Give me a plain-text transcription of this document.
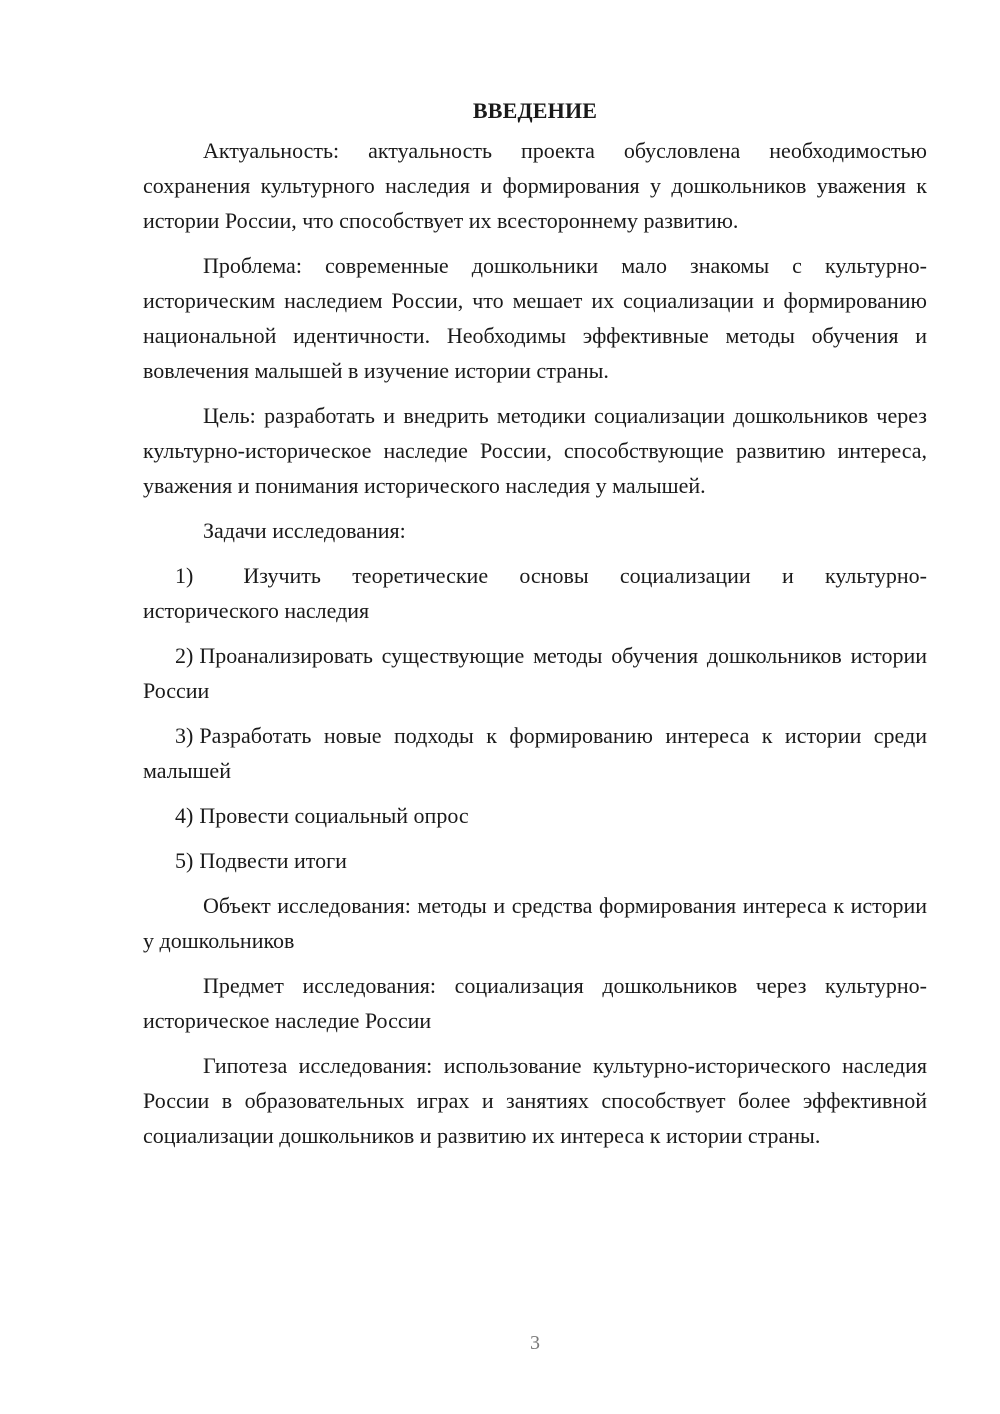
ВВЕДЕНИЕ

Актуальность: актуальность проекта обусловлена необходимостью сохранения культурного наследия и формирования у дошкольников уважения к истории России, что способствует их всестороннему развитию.

Проблема: современные дошкольники мало знакомы с культурно-историческим наследием России, что мешает их социализации и формированию национальной идентичности. Необходимы эффективные методы обучения и вовлечения малышей в изучение истории страны.

Цель: разработать и внедрить методики социализации дошкольников через культурно-историческое наследие России, способствующие развитию интереса, уважения и понимания исторического наследия у малышей.

Задачи исследования:

1) Изучить теоретические основы социализации и культурно-исторического наследия

2) Проанализировать существующие методы обучения дошкольников истории России

3) Разработать новые подходы к формированию интереса к истории среди малышей

4) Провести социальный опрос

5) Подвести итоги

Объект исследования: методы и средства формирования интереса к истории у дошкольников

Предмет исследования: социализация дошкольников через культурно-историческое наследие России

Гипотеза исследования: использование культурно-исторического наследия России в образовательных играх и занятиях способствует более эффективной социализации дошкольников и развитию их интереса к истории страны.

3
